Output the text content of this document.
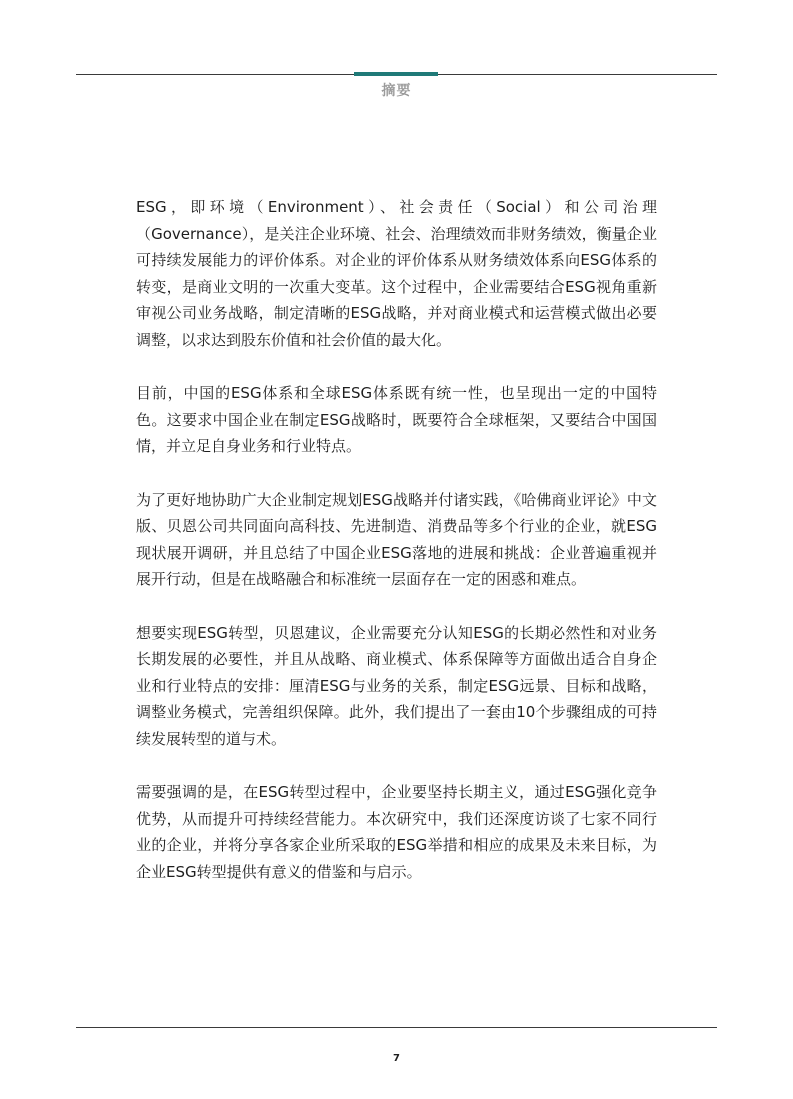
摘要

ESG，即环境（Environment）、社会责任（Social）和公司治理（Governance），是关注企业环境、社会、治理绩效而非财务绩效，衡量企业可持续发展能力的评价体系。对企业的评价体系从财务绩效体系向ESG体系的转变，是商业文明的一次重大变革。这个过程中，企业需要结合ESG视角重新审视公司业务战略，制定清晰的ESG战略，并对商业模式和运营模式做出必要调整，以求达到股东价值和社会价值的最大化。

目前，中国的ESG体系和全球ESG体系既有统一性，也呈现出一定的中国特色。这要求中国企业在制定ESG战略时，既要符合全球框架，又要结合中国国情，并立足自身业务和行业特点。

为了更好地协助广大企业制定规划ESG战略并付诸实践，《哈佛商业评论》中文版、贝恩公司共同面向高科技、先进制造、消费品等多个行业的企业，就ESG现状展开调研，并且总结了中国企业ESG落地的进展和挑战：企业普遍重视并展开行动，但是在战略融合和标准统一层面存在一定的困惑和难点。

想要实现ESG转型，贝恩建议，企业需要充分认知ESG的长期必然性和对业务长期发展的必要性，并且从战略、商业模式、体系保障等方面做出适合自身企业和行业特点的安排：厘清ESG与业务的关系，制定ESG远景、目标和战略，调整业务模式，完善组织保障。此外，我们提出了一套由10个步骤组成的可持续发展转型的道与术。

需要强调的是，在ESG转型过程中，企业要坚持长期主义，通过ESG强化竞争优势，从而提升可持续经营能力。本次研究中，我们还深度访谈了七家不同行业的企业，并将分享各家企业所采取的ESG举措和相应的成果及未来目标，为企业ESG转型提供有意义的借鉴和与启示。

7
